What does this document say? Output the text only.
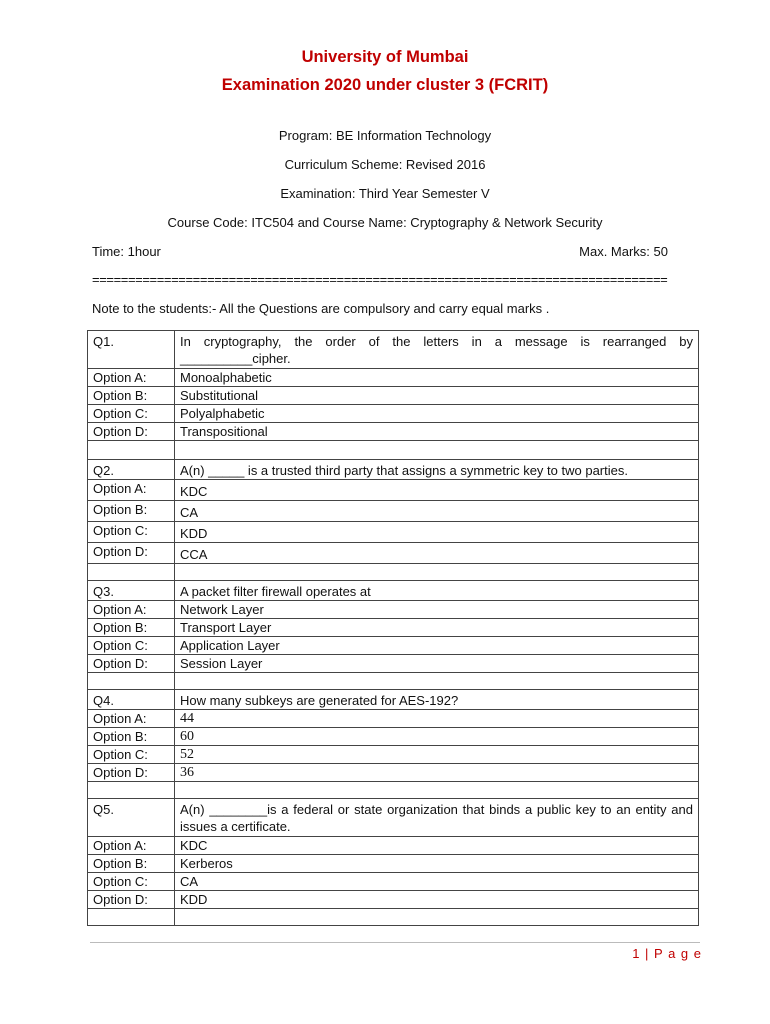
University of Mumbai
Examination 2020 under cluster 3 (FCRIT)
Program: BE Information Technology
Curriculum Scheme: Revised 2016
Examination: Third Year Semester V
Course Code: ITC504 and Course Name: Cryptography & Network Security
Time: 1hour	Max. Marks: 50
================================================================================
Note to the students:- All the Questions are compulsory and carry equal marks .
Q1.	In cryptography, the order of the letters in a message is rearranged by __________cipher.
Option A:	Monoalphabetic
Option B:	Substitutional
Option C:	Polyalphabetic
Option D:	Transpositional

Q2.	A(n) _____ is a trusted third party that assigns a symmetric key to two parties.
Option A:	KDC
Option B:	CA
Option C:	KDD
Option D:	CCA

Q3.	A packet filter firewall operates at
Option A:	Network Layer
Option B:	Transport Layer
Option C:	Application Layer
Option D:	Session Layer

Q4.	How many subkeys are generated for AES-192?
Option A:	44
Option B:	60
Option C:	52
Option D:	36

Q5.	A(n) ________is a federal or state organization that binds a public key to an entity and issues a certificate.
Option A:	KDC
Option B:	Kerberos
Option C:	CA
Option D:	KDD

1 | P a g e
